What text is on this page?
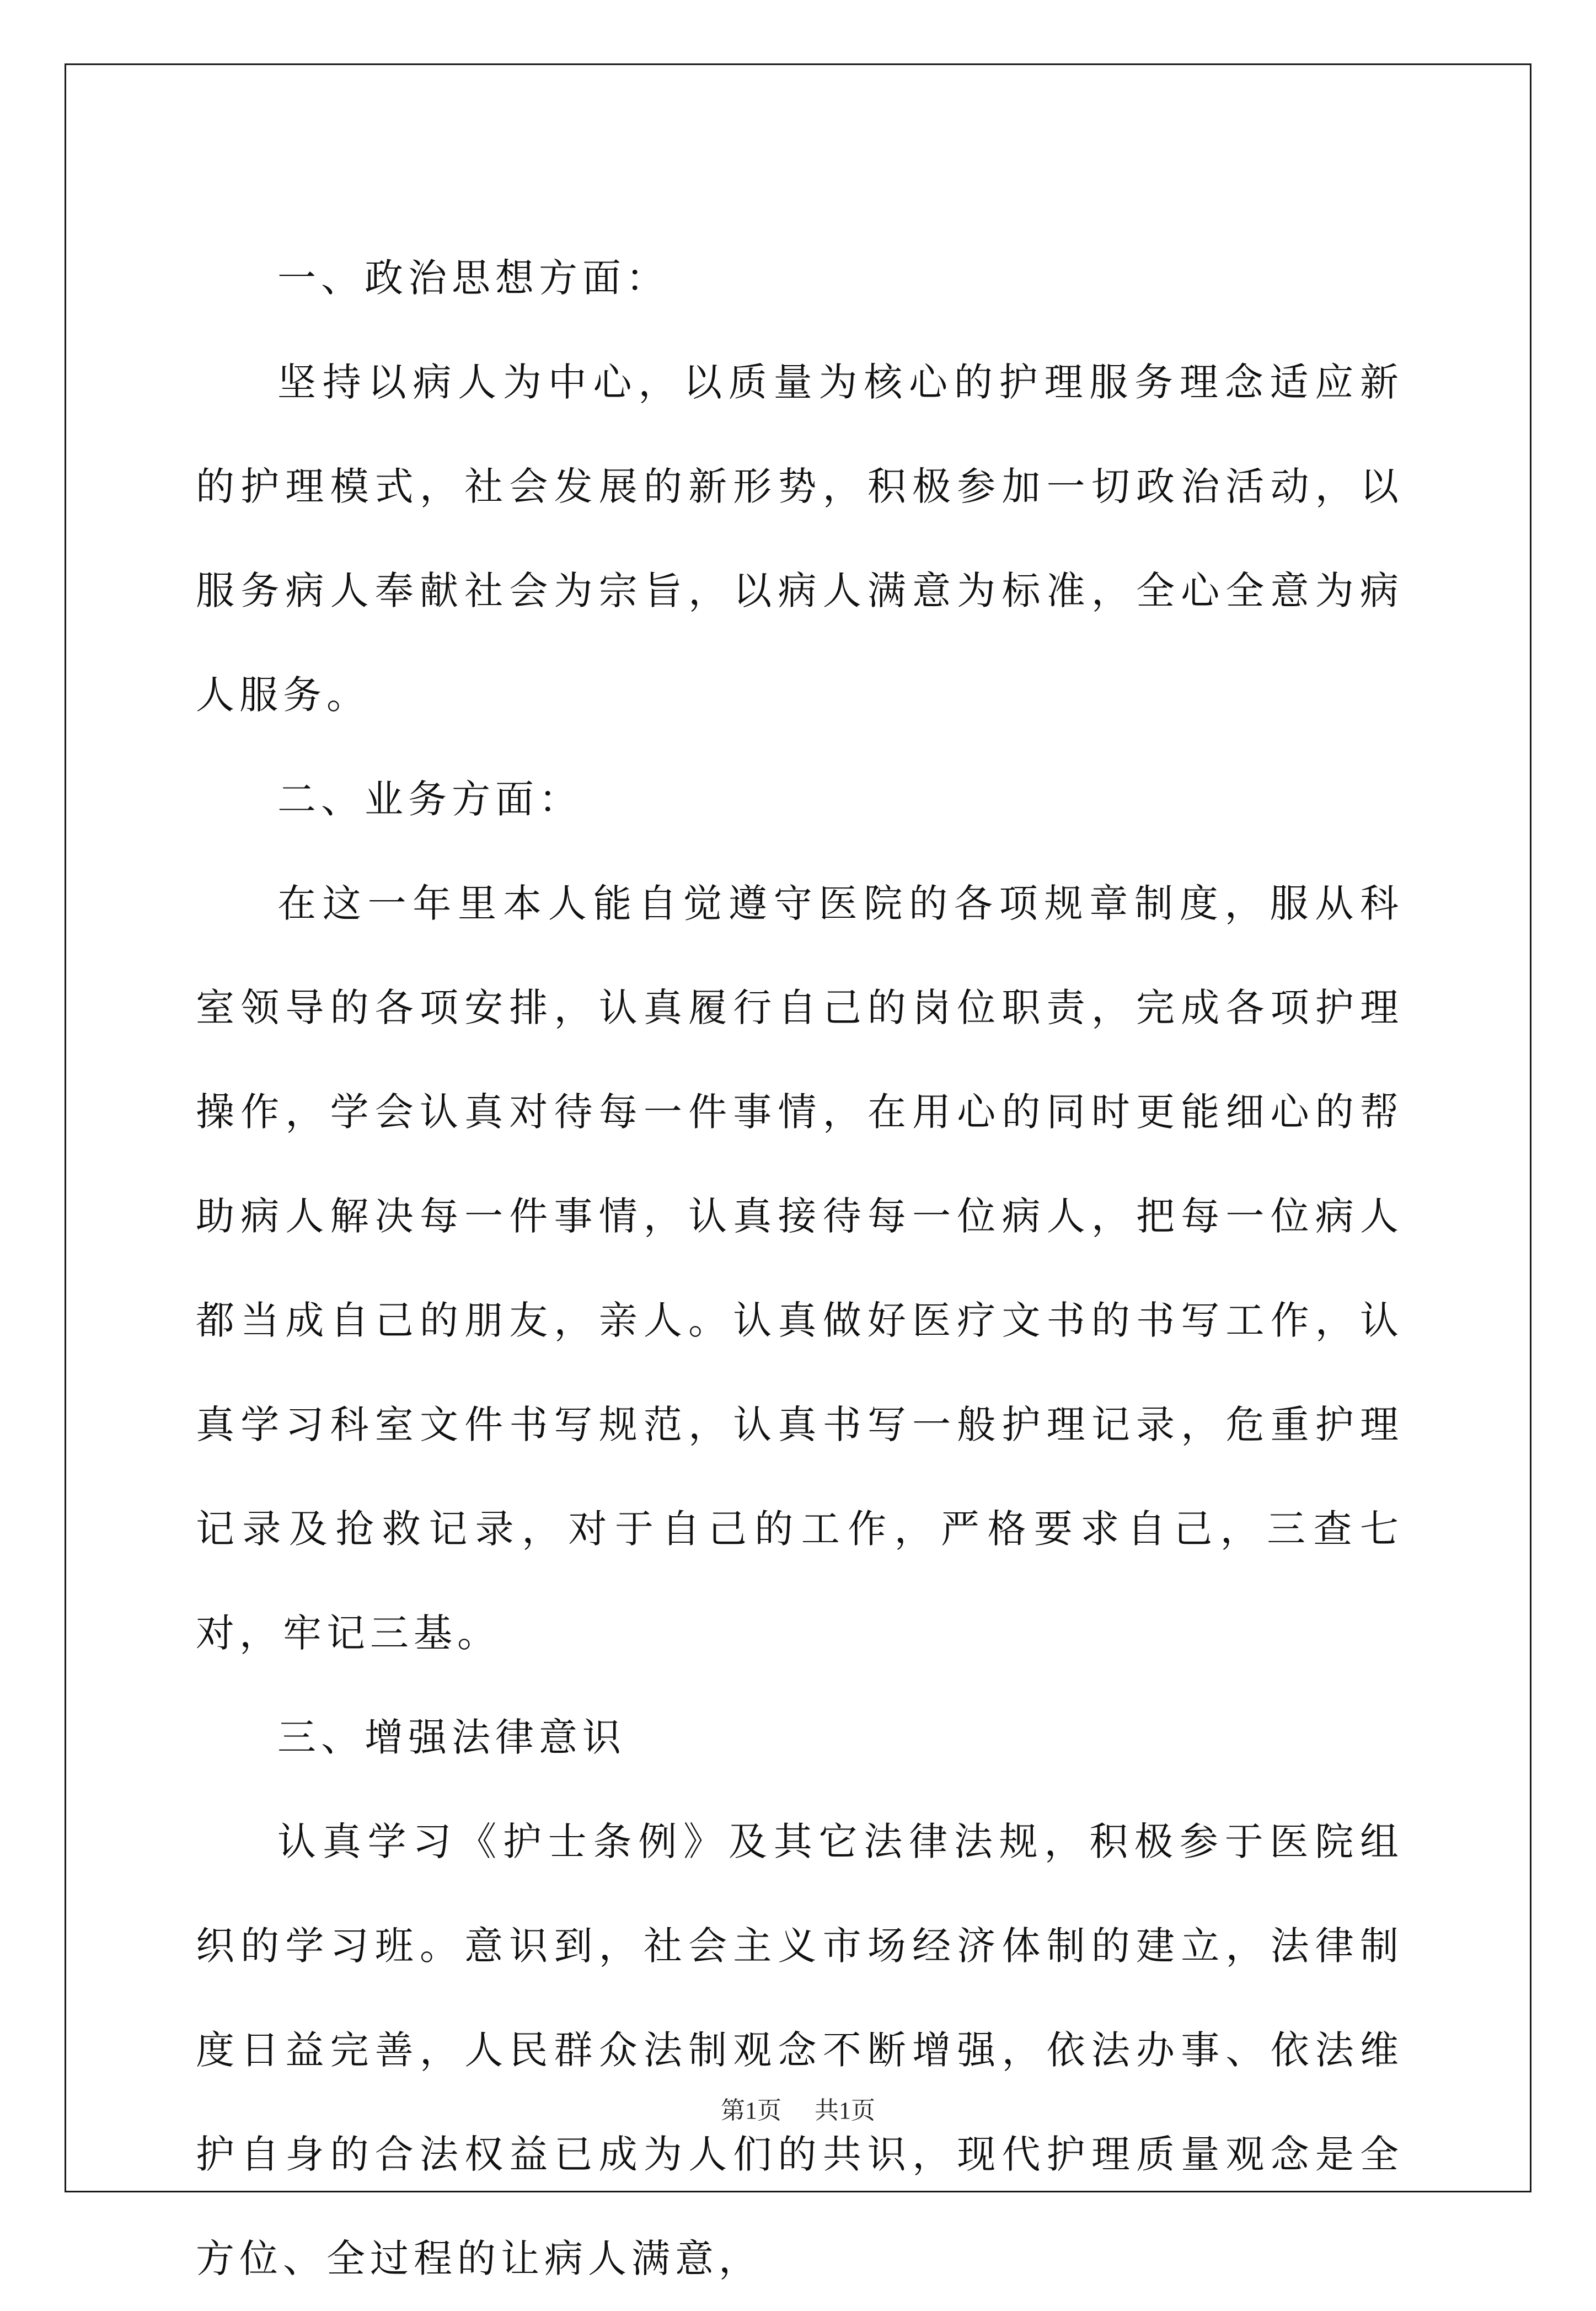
一、政治思想方面：

坚持以病人为中心，以质量为核心的护理服务理念适应新的护理模式，社会发展的新形势，积极参加一切政治活动，以服务病人奉献社会为宗旨，以病人满意为标准，全心全意为病人服务。

二、业务方面：

在这一年里本人能自觉遵守医院的各项规章制度，服从科室领导的各项安排，认真履行自己的岗位职责，完成各项护理操作，学会认真对待每一件事情，在用心的同时更能细心的帮助病人解决每一件事情，认真接待每一位病人，把每一位病人都当成自己的朋友，亲人。认真做好医疗文书的书写工作，认真学习科室文件书写规范，认真书写一般护理记录，危重护理记录及抢救记录，对于自己的工作，严格要求自己，三查七对，牢记三基。

三、增强法律意识

认真学习《护士条例》及其它法律法规，积极参于医院组织的学习班。意识到，社会主义市场经济体制的建立，法律制度日益完善，人民群众法制观念不断增强，依法办事、依法维护自身的合法权益已成为人们的共识，现代护理质量观念是全方位、全过程的让病人满意，

第1页 共1页
